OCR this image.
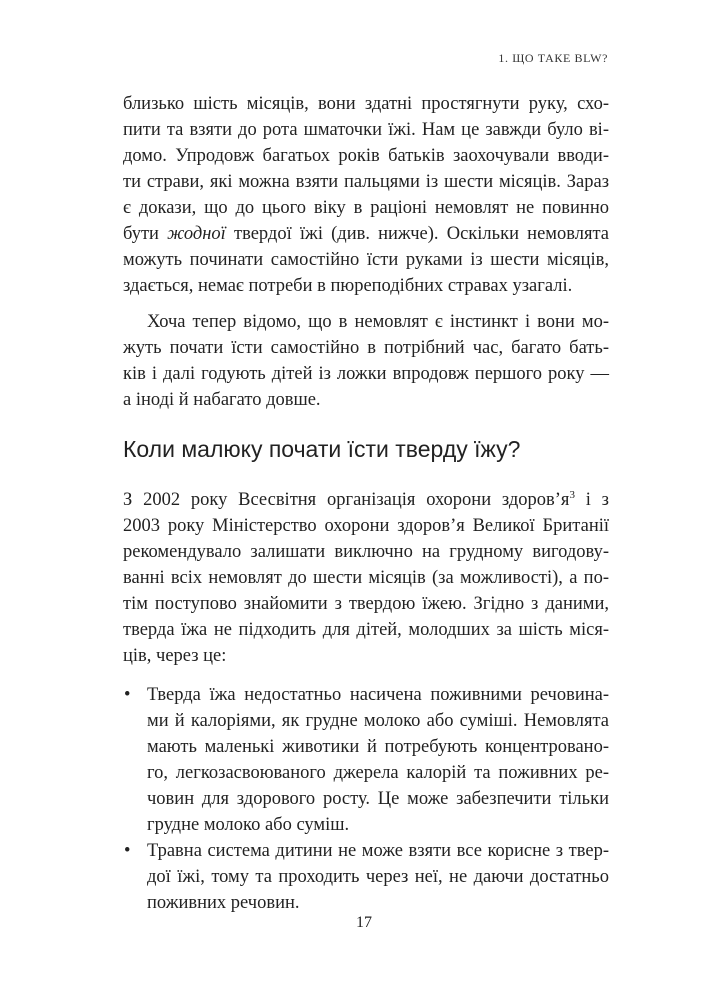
1. ЩО ТАКЕ BLW?
близько шість місяців, вони здатні простягнути руку, схо-
пити та взяти до рота шматочки їжі. Нам це завжди було ві-
домо. Упродовж багатьох років батьків заохочували вводи-
ти страви, які можна взяти пальцями із шести місяців. Зараз
є докази, що до цього віку в раціоні немовлят не повинно
бути жодної твердої їжі (див. нижче). Оскільки немовлята
можуть починати самостійно їсти руками із шести місяців,
здається, немає потреби в пюреподібних стравах узагалі.
Хоча тепер відомо, що в немовлят є інстинкт і вони мо-
жуть почати їсти самостійно в потрібний час, багато бать-
ків і далі годують дітей із ложки впродовж першого року —
а іноді й набагато довше.
Коли малюку почати їсти тверду їжу?
З 2002 року Всесвітня організація охорони здоров’я$^3$ і з
2003 року Міністерство охорони здоров’я Великої Британії
рекомендувало залишати виключно на грудному вигодову-
ванні всіх немовлят до шести місяців (за можливості), а по-
тім поступово знайомити з твердою їжею. Згідно з даними,
тверда їжа не підходить для дітей, молодших за шість міся-
ців, через це:
• Тверда їжа недостатньо насичена поживними речовина-
ми й калоріями, як грудне молоко або суміші. Немовлята
мають маленькі животики й потребують концентровано-
го, легкозасвоюваного джерела калорій та поживних ре-
човин для здорового росту. Це може забезпечити тільки
грудне молоко або суміш.
• Травна система дитини не може взяти все корисне з твер-
дої їжі, тому та проходить через неї, не даючи достатньо
поживних речовин.
17
